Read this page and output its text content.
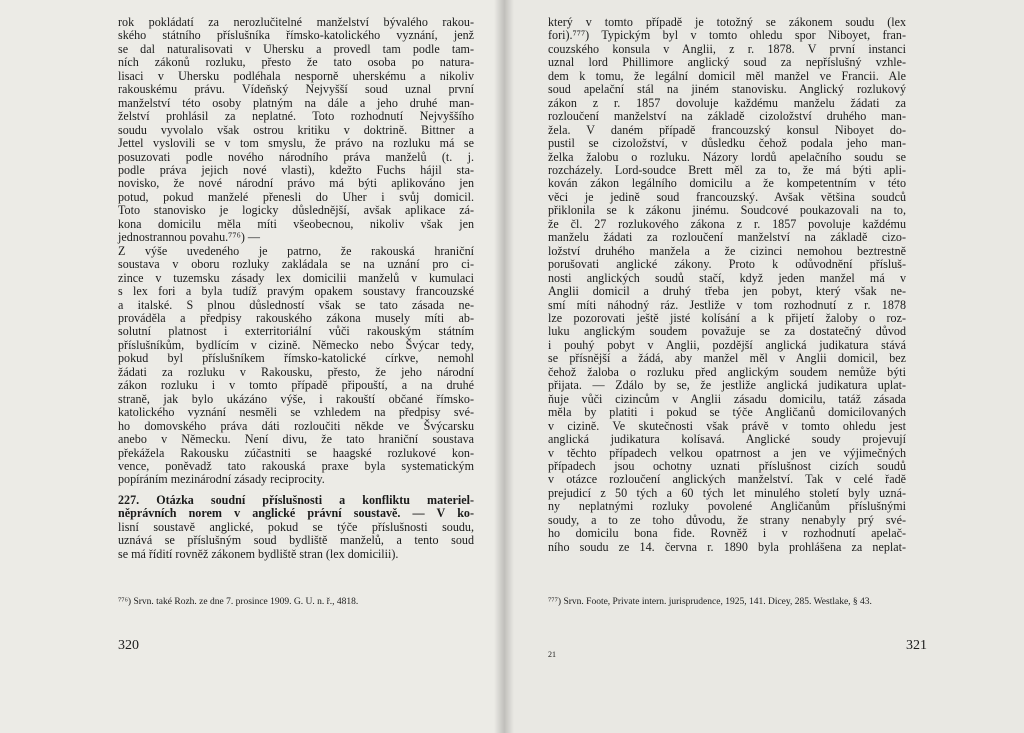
rok pokládatí za nerozlučitelné manželství bývalého rakou-
ského státního příslušníka římsko-katolického vyznání, jenž
se dal naturalisovati v Uhersku a provedl tam podle tam-
ních zákonů rozluku, přesto že tato osoba po natura-
lisaci v Uhersku podléhala nesporně uherskému a nikoliv
rakouskému právu. Vídeňský Nejvyšší soud uznal první
manželství této osoby platným na dále a jeho druhé man-
želství prohlásil za neplatné. Toto rozhodnutí Nejvyššího
soudu vyvolalo však ostrou kritiku v doktrině. Bittner a
Jettel vyslovili se v tom smyslu, že právo na rozluku má se
posuzovati podle nového národního práva manželů (t. j.
podle práva jejich nové vlasti), kdežto Fuchs hájil sta-
novisko, že nové národní právo má býti aplikováno jen
potud, pokud manželé přenesli do Uher i svůj domicil.
Toto stanovisko je logicky důslednější, avšak aplikace zá-
kona domicilu měla míti všeobecnou, nikoliv však jen
jednostrannou povahu.⁷⁷⁶) —
Z výše uvedeného je patrno, že rakouská hraniční
soustava v oboru rozluky zakládala se na uznání pro ci-
zince v tuzemsku zásady lex domicilii manželů v kumulaci
s lex fori a byla tudíž pravým opakem soustavy francouzské
a italské. S plnou důsledností však se tato zásada ne-
prováděla a předpisy rakouského zákona musely míti ab-
solutní platnost i exterritoriální vůči rakouským státním
příslušníkům, bydlícím v cizině. Německo nebo Švýcar tedy,
pokud byl příslušníkem římsko-katolické církve, nemohl
žádati za rozluku v Rakousku, přesto, že jeho národní
zákon rozluku i v tomto případě připouští, a na druhé
straně, jak bylo ukázáno výše, i rakouští občané římsko-
katolického vyznání nesměli se vzhledem na předpisy své-
ho domovského práva dáti rozloučiti někde ve Švýcarsku
anebo v Německu. Není divu, že tato hraniční soustava
překážela Rakousku zúčastniti se haagské rozlukové kon-
vence, poněvadž tato rakouská praxe byla systematickým
popíráním mezinárodní zásady reciprocity.
227. Otázka soudní příslušnosti a konfliktu materiel-
něprávních norem v anglické právní soustavě. — V ko-
lisní soustavě anglické, pokud se týče příslušnosti soudu,
uznává se příslušným soud bydliště manželů, a tento soud
se má řídití rovněž zákonem bydliště stran (lex domicilii).
⁷⁷⁶) Srvn. také Rozh. ze dne 7. prosince 1909. G. U. n. ř., 4818.
320
který v tomto případě je totožný se zákonem soudu (lex
fori).⁷⁷⁷) Typickým byl v tomto ohledu spor Niboyet, fran-
couzského konsula v Anglii, z r. 1878. V první instanci
uznal lord Phillimore anglický soud za nepříslušný vzhle-
dem k tomu, že legální domicil měl manžel ve Francii. Ale
soud apelační stál na jiném stanovisku. Anglický rozlukový
zákon z r. 1857 dovoluje každému manželu žádati za
rozloučení manželství na základě cizoložství druhého man-
žela. V daném případě francouzský konsul Niboyet do-
pustil se cizoložství, v důsledku čehož podala jeho man-
želka žalobu o rozluku. Názory lordů apelačního soudu se
rozcházely. Lord-soudce Brett měl za to, že má býti apli-
kován zákon legálního domicilu a že kompetentním v této
věci je jedině soud francouzský. Avšak většina soudců
přiklonila se k zákonu jinému. Soudcové poukazovali na to,
že čl. 27 rozlukového zákona z r. 1857 povoluje každému
manželu žádati za rozloučení manželství na základě cizo-
ložství druhého manžela a že cizinci nemohou beztrestně
porušovati anglické zákony. Proto k odůvodnění přísluš-
nosti anglických soudů stačí, když jeden manžel má v
Anglii domicil a druhý třeba jen pobyt, který však ne-
smí míti náhodný ráz. Jestliže v tom rozhodnutí z r. 1878
lze pozorovati ještě jisté kolísání a k přijetí žaloby o roz-
luku anglickým soudem považuje se za dostatečný důvod
i pouhý pobyt v Anglii, pozdější anglická judikatura stává
se přísnější a žádá, aby manžel měl v Anglii domicil, bez
čehož žaloba o rozluku před anglickým soudem nemůže býti
přijata. — Zdálo by se, že jestliže anglická judikatura uplat-
ňuje vůči cizincům v Anglii zásadu domicilu, tatáž zásada
měla by platiti i pokud se týče Angličanů domicilovaných
v cizině. Ve skutečnosti však právě v tomto ohledu jest
anglická judikatura kolísavá. Anglické soudy projevují
v těchto případech velkou opatrnost a jen ve výjimečných
případech jsou ochotny uznati příslušnost cizích soudů
v otázce rozloučení anglických manželství. Tak v celé řadě
prejudicí z 50 tých a 60 tých let minulého století byly uzná-
ny neplatnými rozluky povolené Angličanům příslušnými
soudy, a to ze toho důvodu, že strany nenabyly prý své-
ho domicilu bona fide. Rovněž i v rozhodnutí apelač-
ního soudu ze 14. června r. 1890 byla prohlášena za neplat-
⁷⁷⁷) Srvn. Foote, Private intern. jurisprudence, 1925, 141. Dicey, 285. Westlake, § 43.
21
321
